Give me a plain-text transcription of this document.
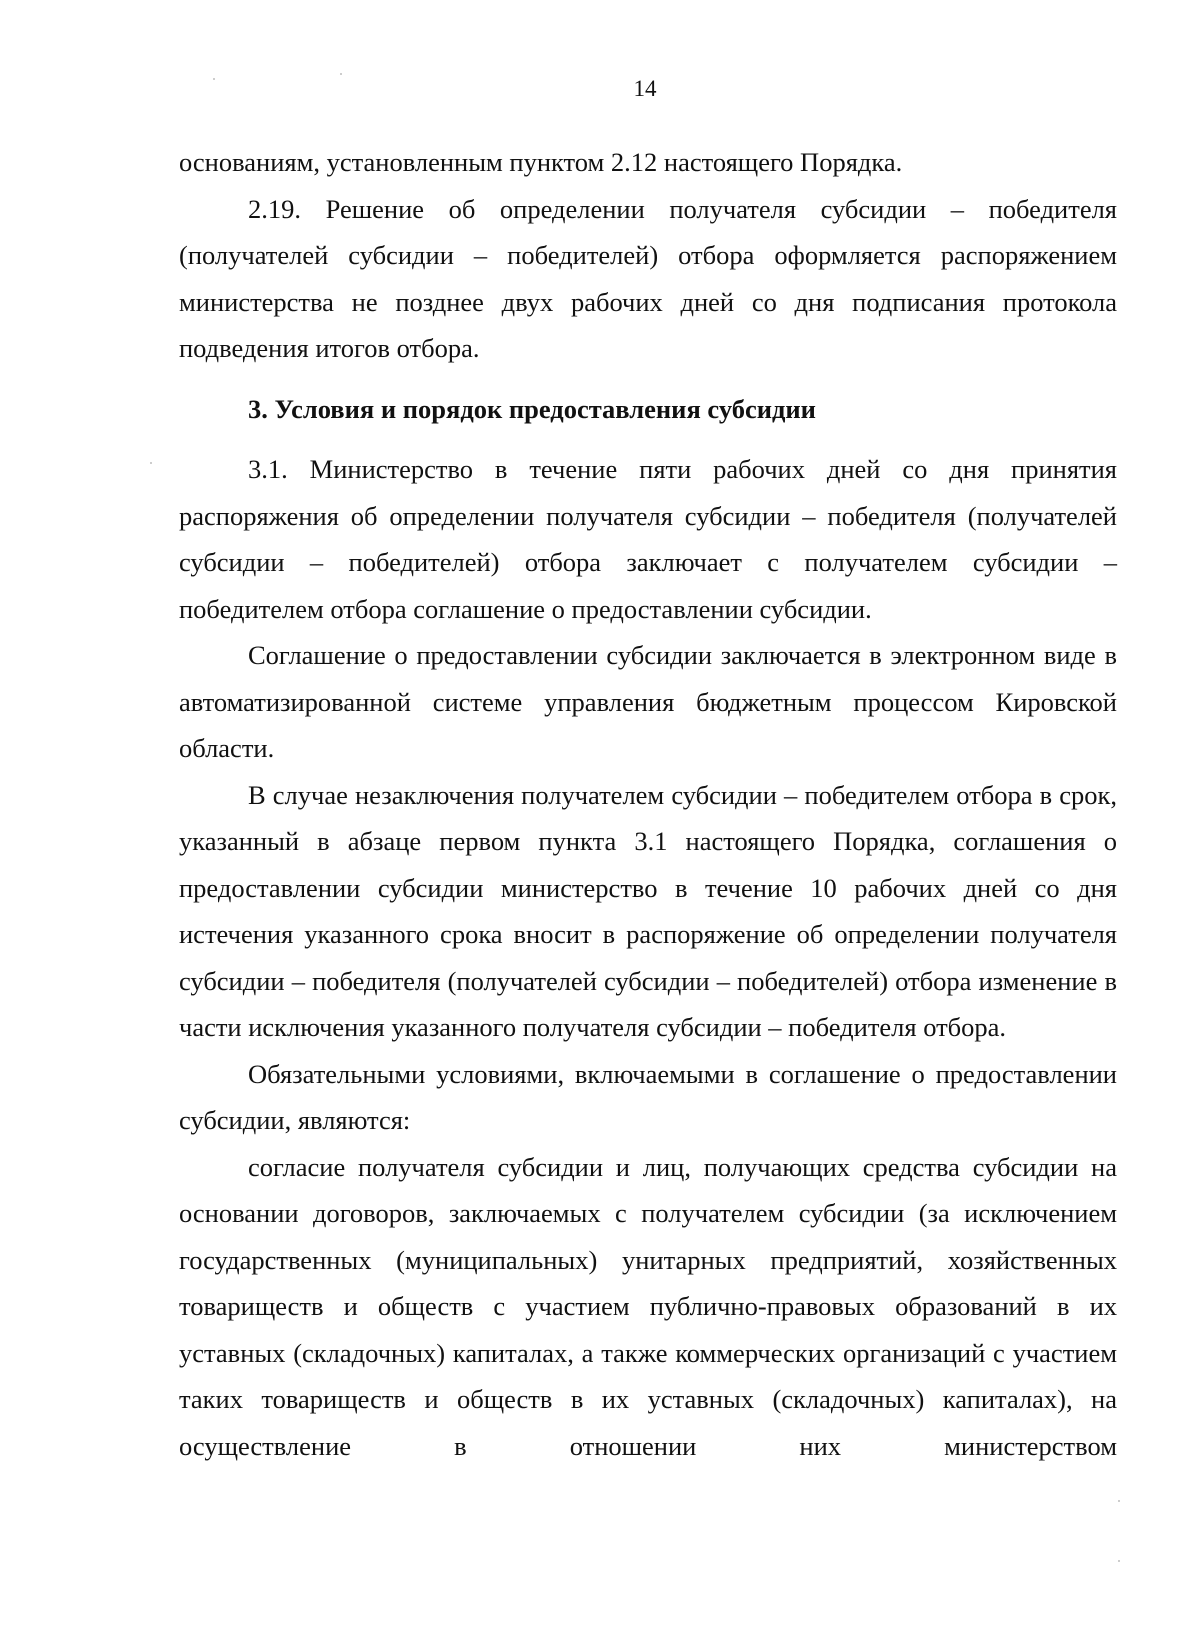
14

основаниям, установленным пунктом 2.12 настоящего Порядка.

2.19. Решение об определении получателя субсидии – победителя (получателей субсидии – победителей) отбора оформляется распоряжением министерства не позднее двух рабочих дней со дня подписания протокола подведения итогов отбора.

3. Условия и порядок предоставления субсидии

3.1. Министерство в течение пяти рабочих дней со дня принятия распоряжения об определении получателя субсидии – победителя (получателей субсидии – победителей) отбора заключает с получателем субсидии – победителем отбора соглашение о предоставлении субсидии.

Соглашение о предоставлении субсидии заключается в электронном виде в автоматизированной системе управления бюджетным процессом Кировской области.

В случае незаключения получателем субсидии – победителем отбора в срок, указанный в абзаце первом пункта 3.1 настоящего Порядка, соглашения о предоставлении субсидии министерство в течение 10 рабочих дней со дня истечения указанного срока вносит в распоряжение об определении получателя субсидии – победителя (получателей субсидии – победителей) отбора изменение в части исключения указанного получателя субсидии – победителя отбора.

Обязательными условиями, включаемыми в соглашение о предоставлении субсидии, являются:

согласие получателя субсидии и лиц, получающих средства субсидии на основании договоров, заключаемых с получателем субсидии (за исключением государственных (муниципальных) унитарных предприятий, хозяйственных товариществ и обществ с участием публично-правовых образований в их уставных (складочных) капиталах, а также коммерческих организаций с участием таких товариществ и обществ в их уставных (складочных) капиталах), на осуществление в отношении них министерством
